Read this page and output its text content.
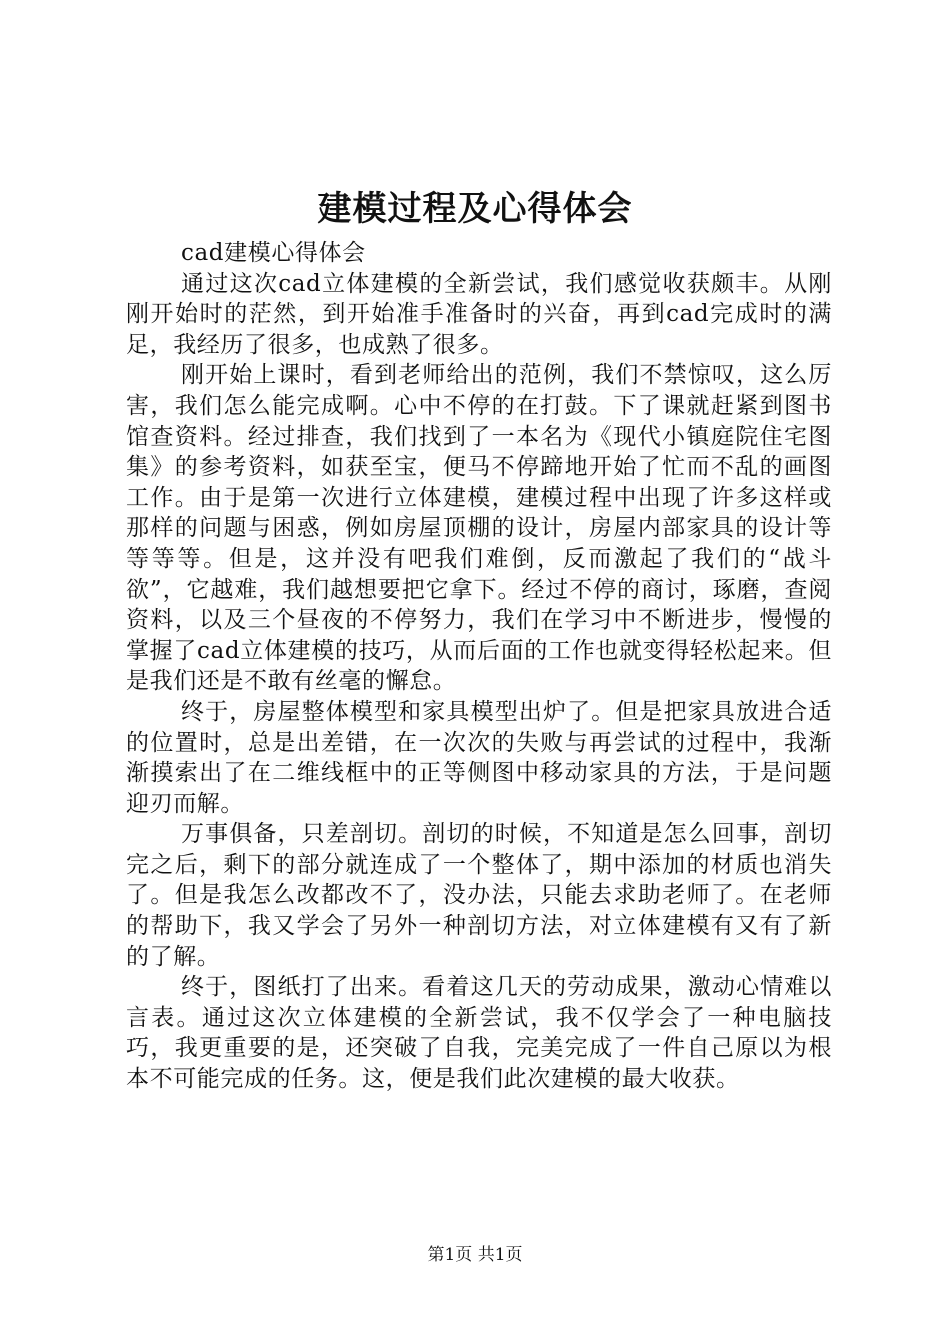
建模过程及心得体会

cad建模心得体会

通过这次cad立体建模的全新尝试，我们感觉收获颇丰。从刚刚开始时的茫然，到开始准手准备时的兴奋，再到cad完成时的满足，我经历了很多，也成熟了很多。

刚开始上课时，看到老师给出的范例，我们不禁惊叹，这么厉害，我们怎么能完成啊。心中不停的在打鼓。下了课就赶紧到图书馆查资料。经过排查，我们找到了一本名为《现代小镇庭院住宅图集》的参考资料，如获至宝，便马不停蹄地开始了忙而不乱的画图工作。由于是第一次进行立体建模，建模过程中出现了许多这样或那样的问题与困惑，例如房屋顶棚的设计，房屋内部家具的设计等等等等。但是，这并没有吧我们难倒，反而激起了我们的“战斗欲”，它越难，我们越想要把它拿下。经过不停的商讨，琢磨，查阅资料，以及三个昼夜的不停努力，我们在学习中不断进步，慢慢的掌握了cad立体建模的技巧，从而后面的工作也就变得轻松起来。但是我们还是不敢有丝毫的懈怠。

终于，房屋整体模型和家具模型出炉了。但是把家具放进合适的位置时，总是出差错，在一次次的失败与再尝试的过程中，我渐渐摸索出了在二维线框中的正等侧图中移动家具的方法，于是问题迎刃而解。

万事俱备，只差剖切。剖切的时候，不知道是怎么回事，剖切完之后，剩下的部分就连成了一个整体了，期中添加的材质也消失了。但是我怎么改都改不了，没办法，只能去求助老师了。在老师的帮助下，我又学会了另外一种剖切方法，对立体建模有又有了新的了解。

终于，图纸打了出来。看着这几天的劳动成果，激动心情难以言表。通过这次立体建模的全新尝试，我不仅学会了一种电脑技巧，我更重要的是，还突破了自我，完美完成了一件自己原以为根本不可能完成的任务。这，便是我们此次建模的最大收获。

第1页 共1页
